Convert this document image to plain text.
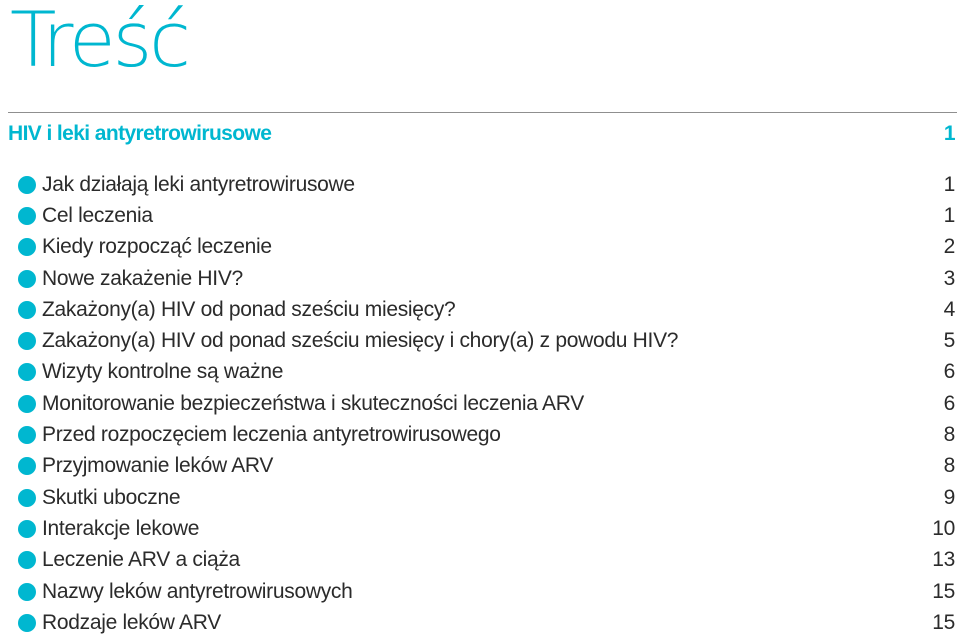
Treść
HIV i leki antyretrowirusowe	1
Jak działają leki antyretrowirusowe	1
Cel leczenia	1
Kiedy rozpocząć leczenie	2
Nowe zakażenie HIV?	3
Zakażony(a) HIV od ponad sześciu miesięcy?	4
Zakażony(a) HIV od ponad sześciu miesięcy i chory(a) z powodu HIV?	5
Wizyty kontrolne są ważne	6
Monitorowanie bezpieczeństwa i skuteczności leczenia ARV	6
Przed rozpoczęciem leczenia antyretrowirusowego	8
Przyjmowanie leków ARV	8
Skutki uboczne	9
Interakcje lekowe	10
Leczenie ARV a ciąża	13
Nazwy leków antyretrowirusowych	15
Rodzaje leków ARV	15
